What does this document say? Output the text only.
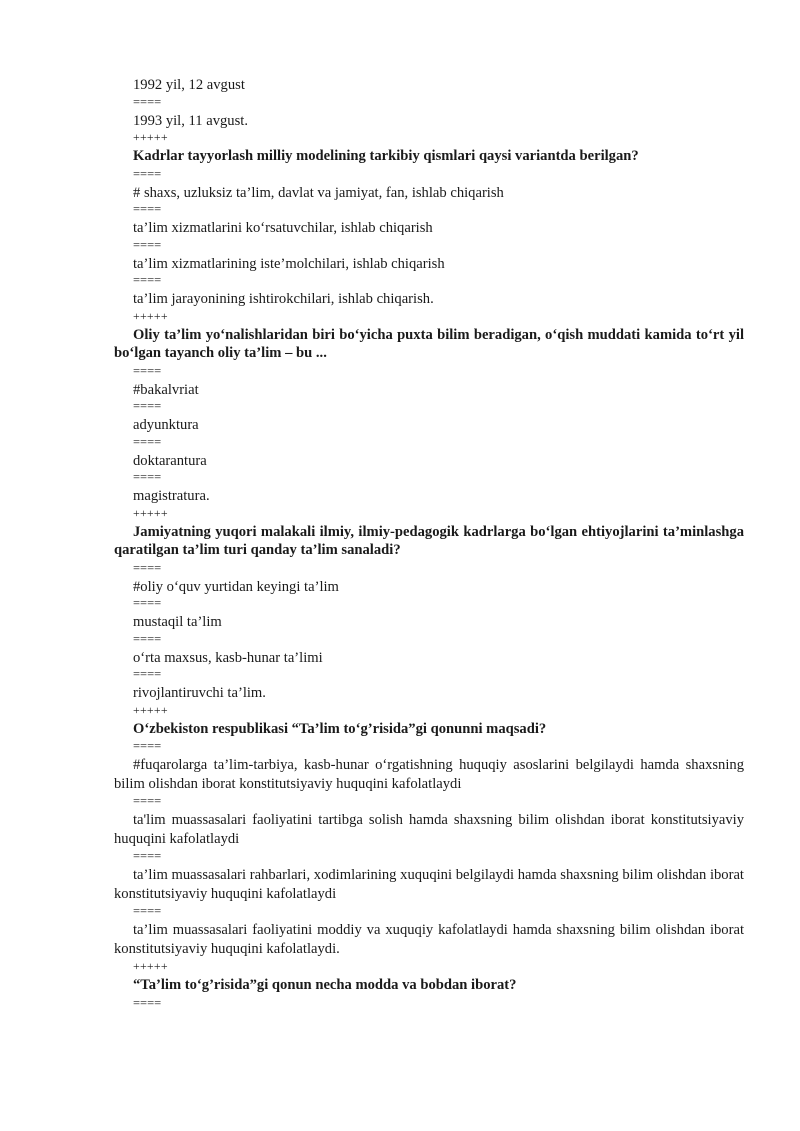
1992 yil, 12 avgust
====
1993 yil, 11 avgust.
+++++
Kadrlar tayyorlash milliy modelining tarkibiy qismlari qaysi variantda berilgan?
====
# shaxs, uzluksiz ta’lim, davlat va jamiyat, fan, ishlab chiqarish
====
ta’lim xizmatlarini ko‘rsatuvchilar, ishlab chiqarish
====
ta’lim xizmatlarining iste’molchilari, ishlab chiqarish
====
ta’lim jarayonining ishtirokchilari, ishlab chiqarish.
+++++
Oliy ta’lim yo‘nalishlaridan biri bo‘yicha puxta bilim beradigan, o‘qish muddati kamida to‘rt yil bo‘lgan tayanch oliy ta’lim – bu ...
====
#bakalvriat
====
adyunktura
====
doktarantura
====
magistratura.
+++++
Jamiyatning yuqori malakali ilmiy, ilmiy-pedagogik kadrlarga bo‘lgan ehtiyojlarini ta’minlashga qaratilgan ta’lim turi qanday ta’lim sanaladi?
====
#oliy o‘quv yurtidan keyingi ta’lim
====
mustaqil ta’lim
====
o‘rta maxsus, kasb-hunar ta’limi
====
rivojlantiruvchi ta’lim.
+++++
O‘zbekiston respublikasi “Ta’lim to‘g’risida”gi qonunni maqsadi?
====
#fuqarolarga ta’lim-tarbiya, kasb-hunar o‘rgatishning huquqiy asoslarini belgilaydi hamda shaxsning bilim olishdan iborat konstitutsiyaviy huquqini kafolatlaydi
====
ta'lim muassasalari faoliyatini tartibga solish hamda shaxsning bilim olishdan iborat konstitutsiyaviy huquqini kafolatlaydi
====
ta’lim muassasalari rahbarlari, xodimlarining xuquqini belgilaydi hamda shaxsning bilim olishdan iborat konstitutsiyaviy huquqini kafolatlaydi
====
ta’lim muassasalari faoliyatini moddiy va xuquqiy kafolatlaydi hamda shaxsning bilim olishdan iborat konstitutsiyaviy huquqini kafolatlaydi.
+++++
“Ta’lim to‘g’risida”gi qonun necha modda va bobdan iborat?
====
